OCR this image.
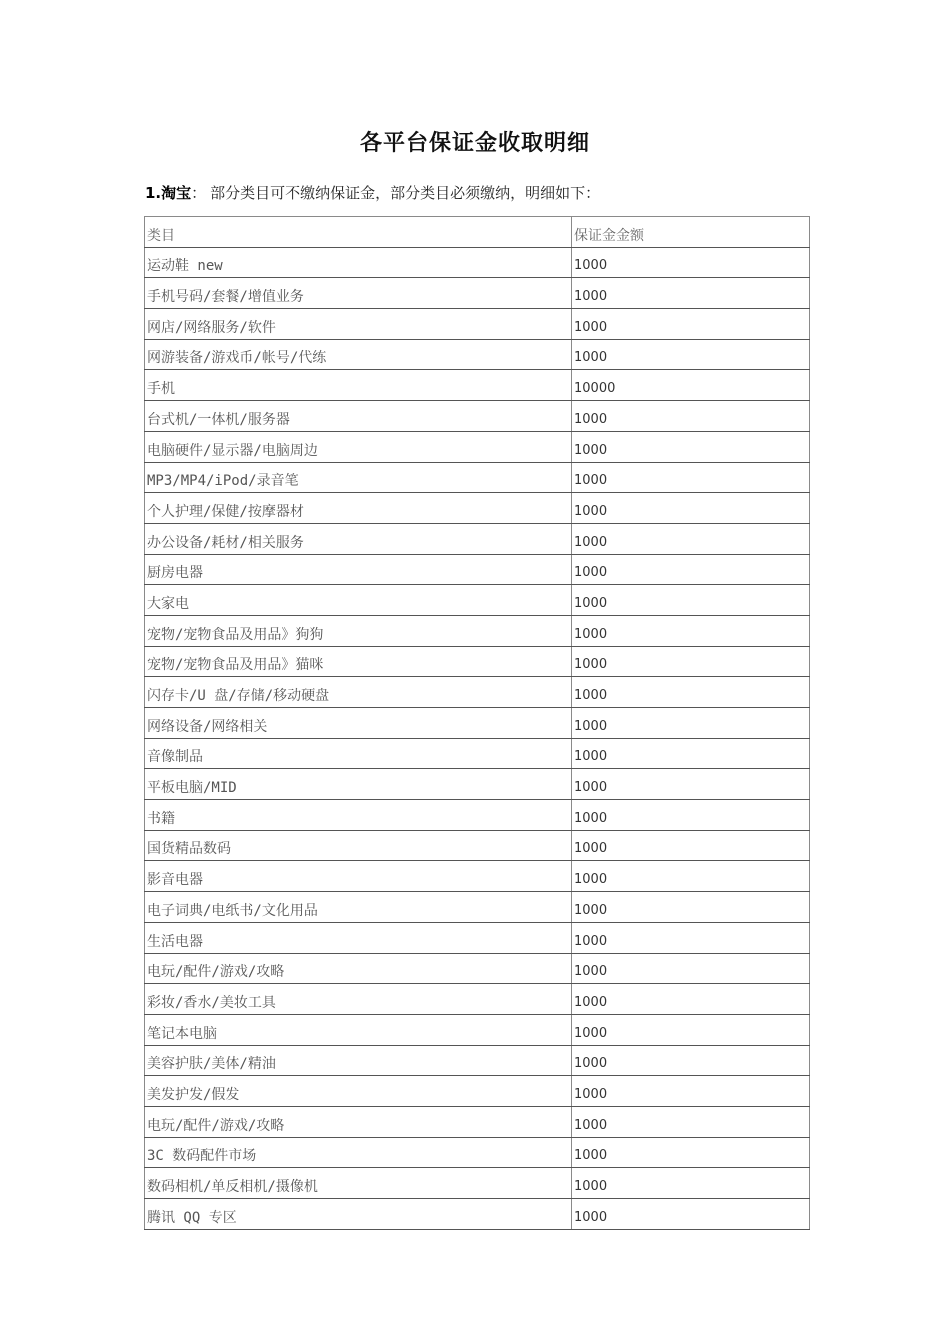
各平台保证金收取明细
1.淘宝： 部分类目可不缴纳保证金，部分类目必须缴纳，明细如下：
类目	保证金金额
运动鞋 new	1000
手机号码/套餐/增值业务	1000
网店/网络服务/软件	1000
网游装备/游戏币/帐号/代练	1000
手机	10000
台式机/一体机/服务器	1000
电脑硬件/显示器/电脑周边	1000
MP3/MP4/iPod/录音笔	1000
个人护理/保健/按摩器材	1000
办公设备/耗材/相关服务	1000
厨房电器	1000
大家电	1000
宠物/宠物食品及用品》狗狗	1000
宠物/宠物食品及用品》猫咪	1000
闪存卡/U 盘/存储/移动硬盘	1000
网络设备/网络相关	1000
音像制品	1000
平板电脑/MID	1000
书籍	1000
国货精品数码	1000
影音电器	1000
电子词典/电纸书/文化用品	1000
生活电器	1000
电玩/配件/游戏/攻略	1000
彩妆/香水/美妆工具	1000
笔记本电脑	1000
美容护肤/美体/精油	1000
美发护发/假发	1000
电玩/配件/游戏/攻略	1000
3C 数码配件市场	1000
数码相机/单反相机/摄像机	1000
腾讯 QQ 专区	1000
